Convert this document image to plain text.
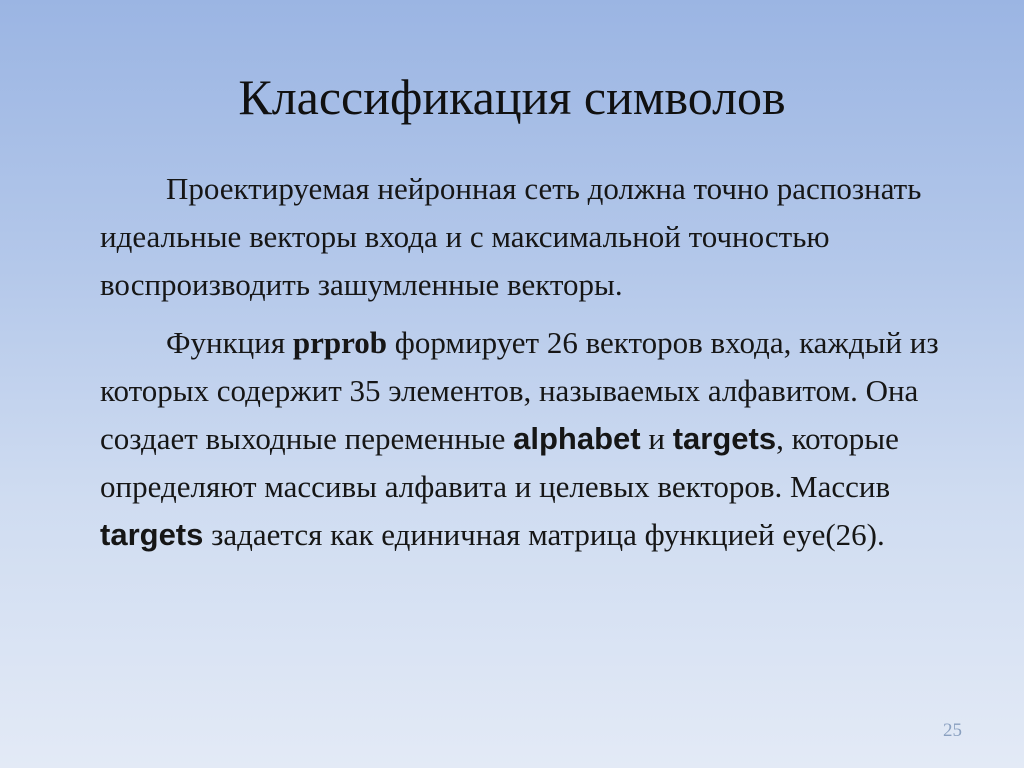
Классификация символов

Проектируемая нейронная сеть должна точно распознать идеальные векторы входа и с максимальной точностью воспроизводить зашумленные векторы.

Функция prprob формирует 26 векторов входа, каждый из которых содержит 35 элементов, называемых алфавитом. Она создает выходные переменные alphabet и targets, которые определяют массивы алфавита и целевых векторов. Массив targets задается как единичная матрица функцией eye(26).

25
